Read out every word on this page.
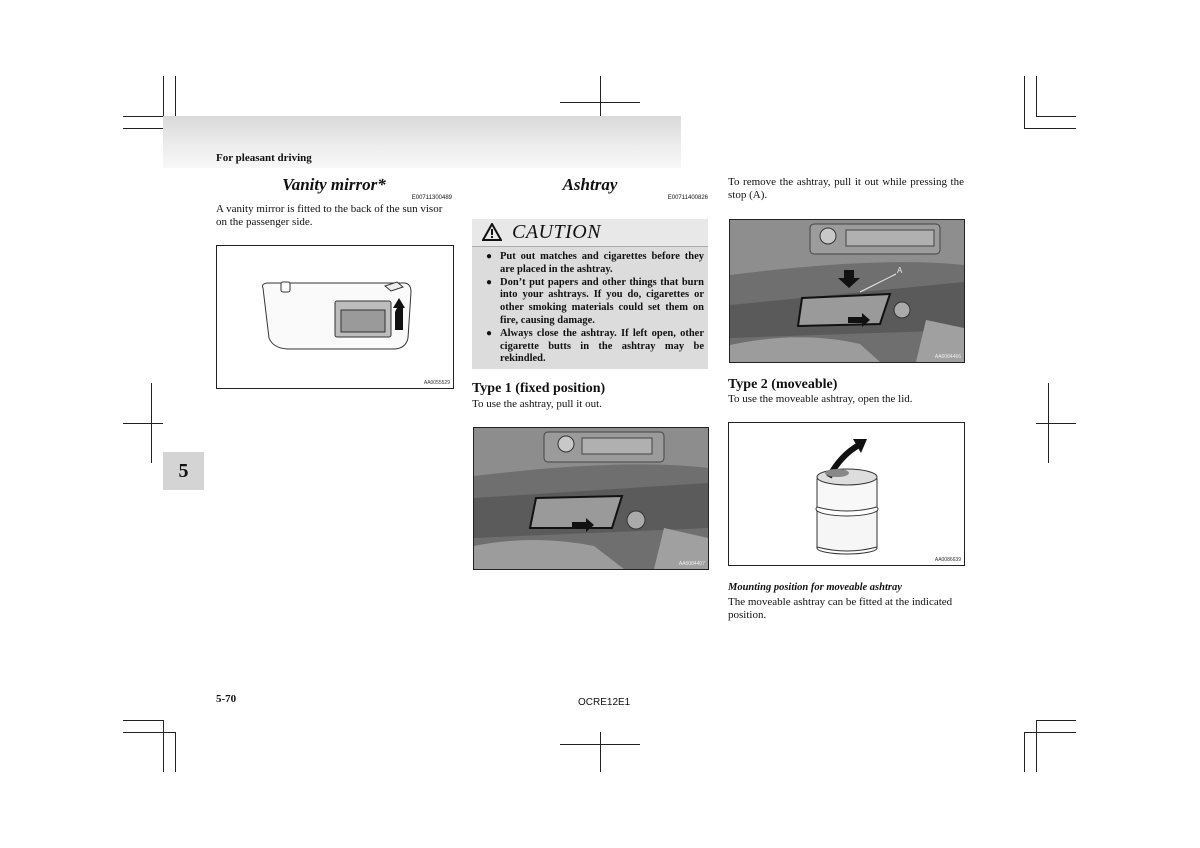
For pleasant driving
Vanity mirror*
E00711300489
A vanity mirror is fitted to the back of the sun visor on the passenger side.
AA0055529
5
Ashtray
E00711400826
CAUTION
● Put out matches and cigarettes before they are placed in the ashtray.
● Don’t put papers and other things that burn into your ashtrays. If you do, cigarettes or other smoking materials could set them on fire, causing damage.
● Always close the ashtray. If left open, other cigarette butts in the ashtray may be rekindled.
Type 1 (fixed position)
To use the ashtray, pull it out.
AA0084407
To remove the ashtray, pull it out while pressing the stop (A).
A
AA0084466
Type 2 (moveable)
To use the moveable ashtray, open the lid.
AA0086639
Mounting position for moveable ashtray
The moveable ashtray can be fitted at the indicated position.
5-70	OCRE12E1
